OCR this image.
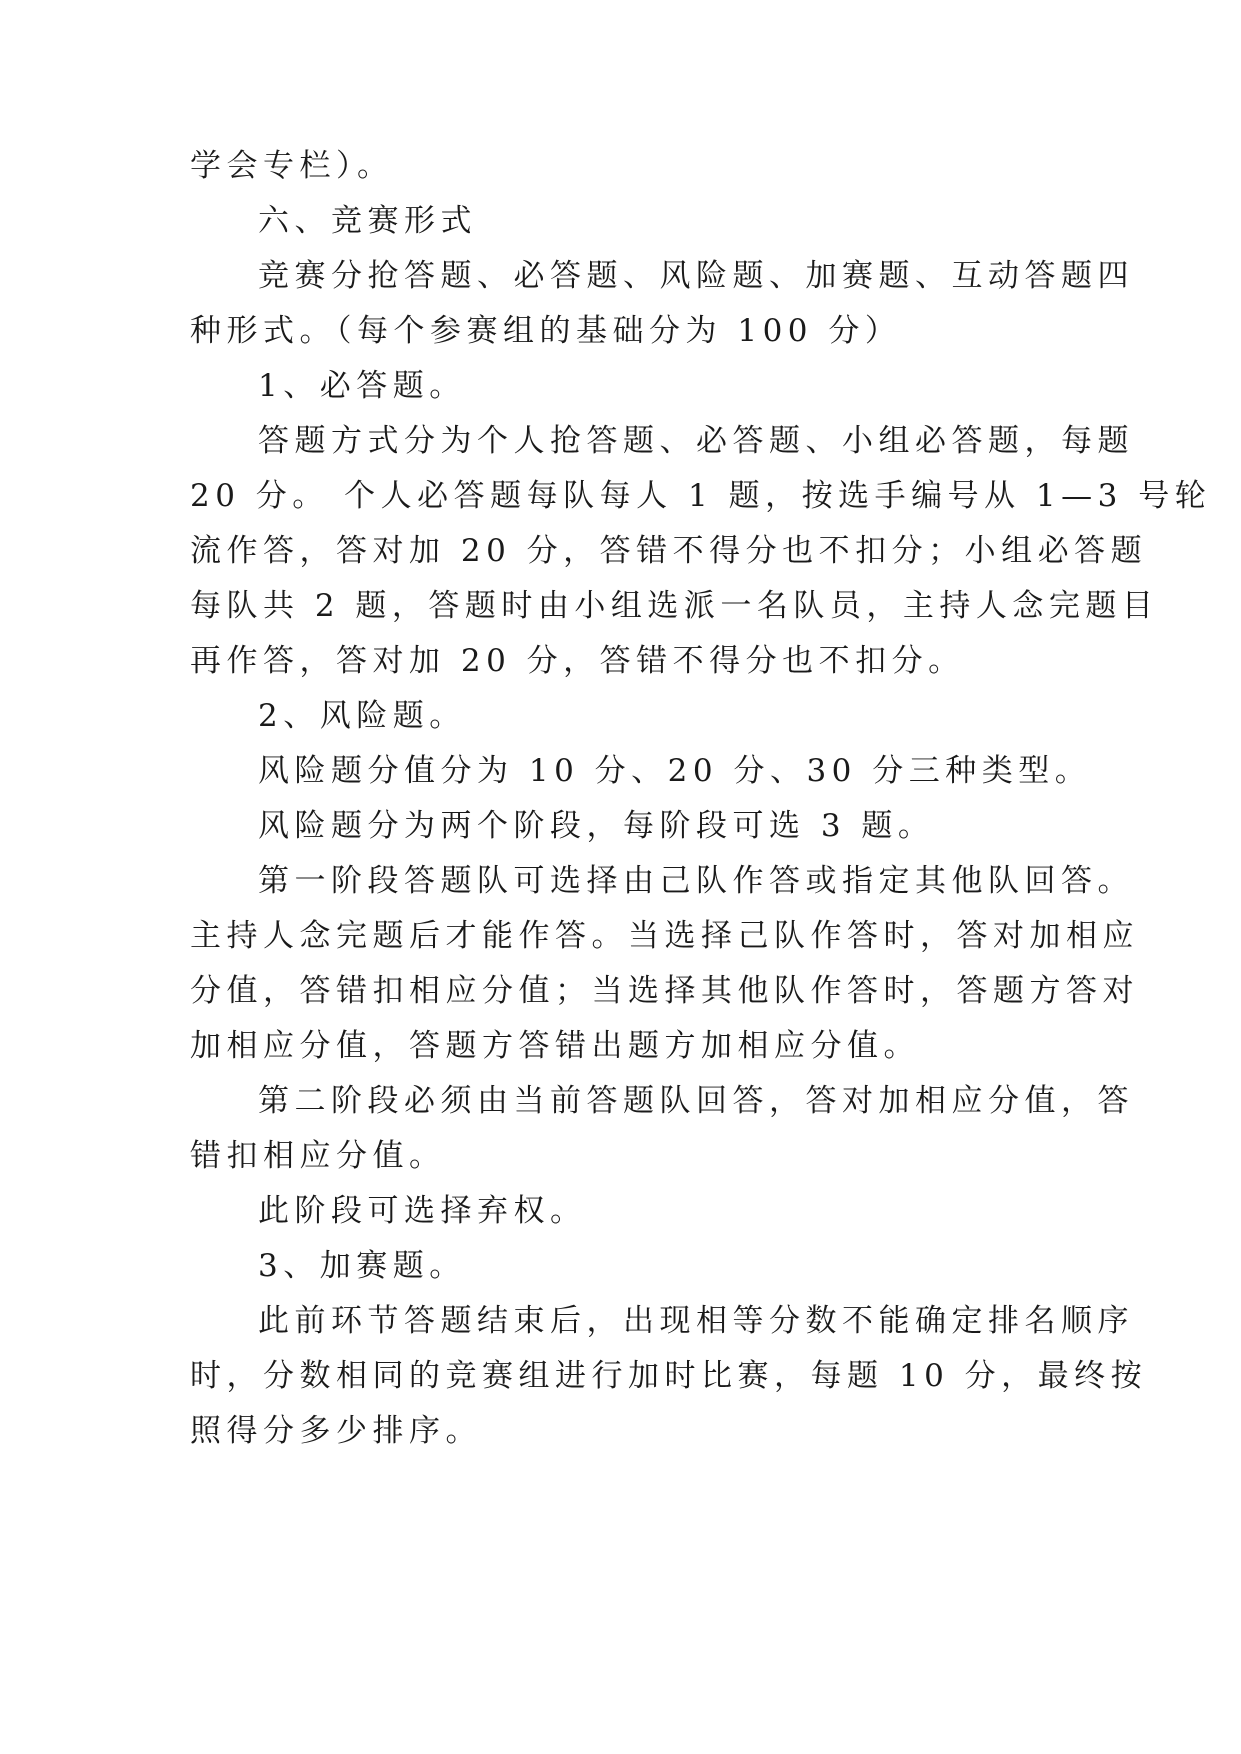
学会专栏）。
六、竞赛形式
竞赛分抢答题、必答题、风险题、加赛题、互动答题四
种形式。（每个参赛组的基础分为 100 分）
1、必答题。
答题方式分为个人抢答题、必答题、小组必答题，每题
20 分。 个人必答题每队每人 1 题，按选手编号从 1—3 号轮
流作答，答对加 20 分，答错不得分也不扣分；小组必答题
每队共 2 题，答题时由小组选派一名队员，主持人念完题目
再作答，答对加 20 分，答错不得分也不扣分。
2、风险题。
风险题分值分为 10 分、20 分、30 分三种类型。
风险题分为两个阶段，每阶段可选 3 题。
第一阶段答题队可选择由己队作答或指定其他队回答。
主持人念完题后才能作答。当选择己队作答时，答对加相应
分值，答错扣相应分值；当选择其他队作答时，答题方答对
加相应分值，答题方答错出题方加相应分值。
第二阶段必须由当前答题队回答，答对加相应分值，答
错扣相应分值。
此阶段可选择弃权。
3、加赛题。
此前环节答题结束后，出现相等分数不能确定排名顺序
时，分数相同的竞赛组进行加时比赛，每题 10 分，最终按
照得分多少排序。
